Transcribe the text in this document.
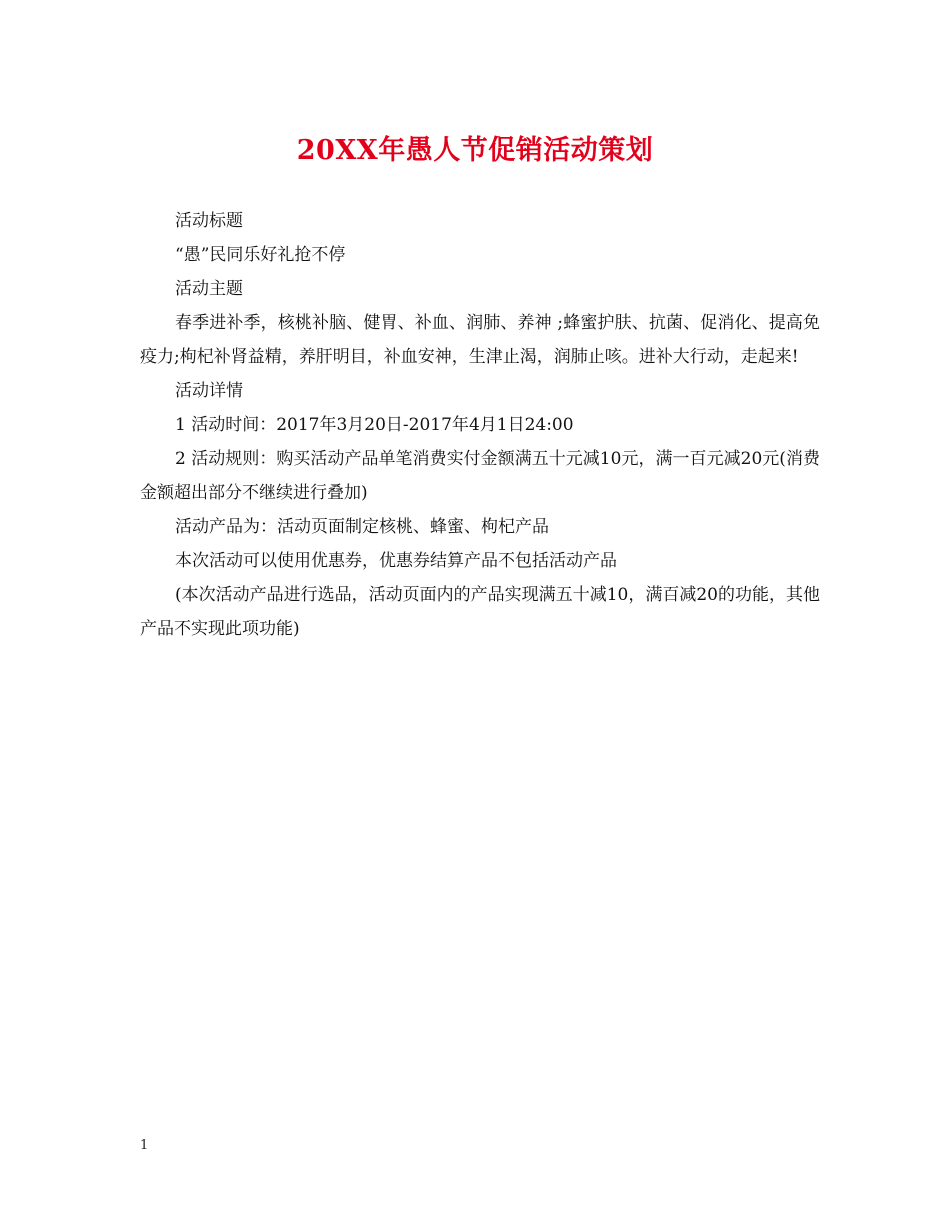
20XX年愚人节促销活动策划

活动标题

“愚”民同乐好礼抢不停

活动主题

春季进补季，核桃补脑、健胃、补血、润肺、养神 ;蜂蜜护肤、抗菌、促消化、提高免疫力;枸杞补肾益精，养肝明目，补血安神，生津止渴，润肺止咳。进补大行动，走起来!

活动详情

1 活动时间：2017年3月20日-2017年4月1日24:00

2 活动规则：购买活动产品单笔消费实付金额满五十元减10元，满一百元减20元(消费金额超出部分不继续进行叠加)

活动产品为：活动页面制定核桃、蜂蜜、枸杞产品

本次活动可以使用优惠券，优惠券结算产品不包括活动产品

(本次活动产品进行选品，活动页面内的产品实现满五十减10，满百减20的功能，其他产品不实现此项功能)

1
